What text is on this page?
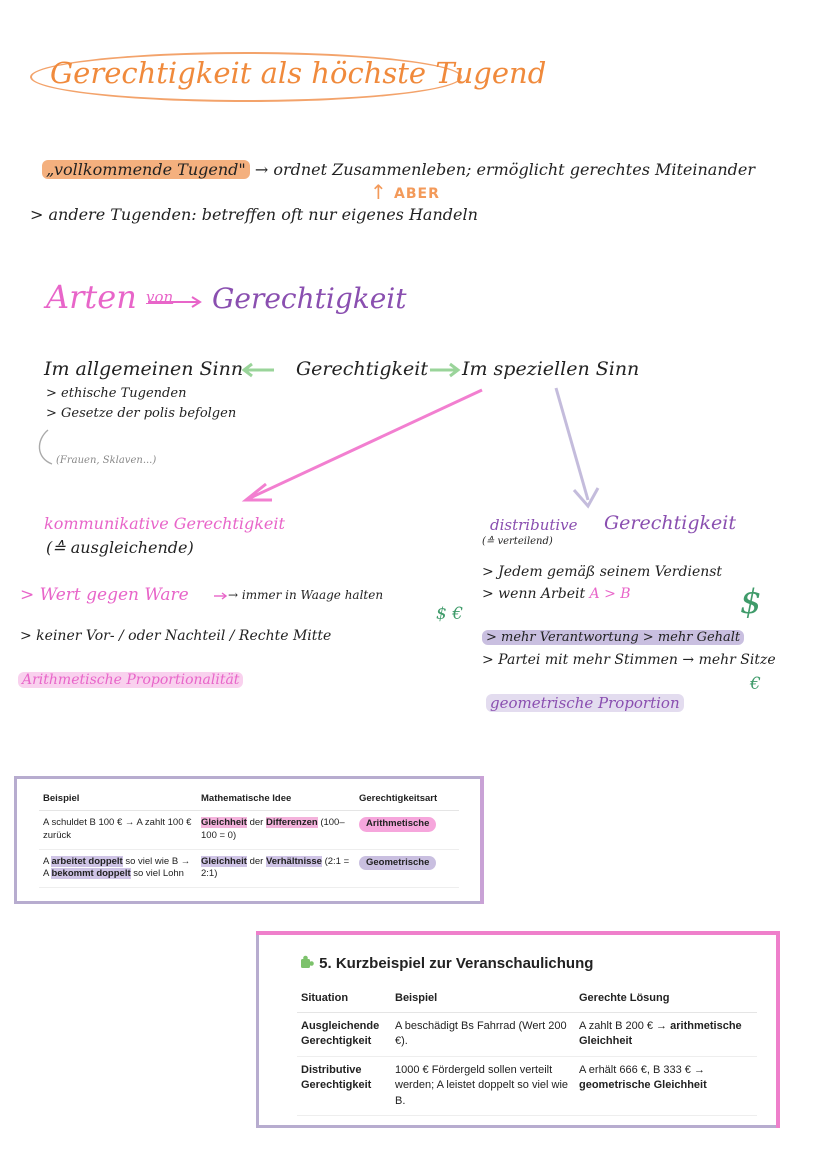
Gerechtigkeit als höchste Tugend
„vollkommende Tugend" → ordnet Zusammenleben; ermöglicht gerechtes Miteinander
↑ ABER
> andere Tugenden: betreffen oft nur eigenes Handeln
Arten von Gerechtigkeit
Im allgemeinen Sinn	Gerechtigkeit Im speziellen Sinn
> ethische Tugenden
> Gesetze der polis befolgen
(Frauen, Sklaven...)
kommunikative Gerechtigkeit
(≙ ausgleichende)
> Wert gegen Ware	→ immer in Waage halten
> keiner Vor- / oder Nachteil / Rechte Mitte
Arithmetische Proportionalität
$ €
distributive Gerechtigkeit
(≙ verteilend)
> Jedem gemäß seinem Verdienst
> wenn Arbeit A > B	$
> mehr Verantwortung > mehr Gehalt
> Partei mit mehr Stimmen → mehr Sitze
€
geometrische Proportion
Beispiel	Mathematische Idee	Gerechtigkeitsart
A schuldet B 100 € → A zahlt 100 € zurück	Gleichheit der Differenzen (100–100 = 0)	Arithmetische
A arbeitet doppelt so viel wie B → A bekommt doppelt so viel Lohn	Gleichheit der Verhältnisse (2:1 = 2:1)	Geometrische
5. Kurzbeispiel zur Veranschaulichung
Situation	Beispiel	Gerechte Lösung
Ausgleichende Gerechtigkeit	A beschädigt Bs Fahrrad (Wert 200 €).	A zahlt B 200 € → arithmetische Gleichheit
Distributive Gerechtigkeit	1000 € Fördergeld sollen verteilt werden; A leistet doppelt so viel wie B.	A erhält 666 €, B 333 € → geometrische Gleichheit
